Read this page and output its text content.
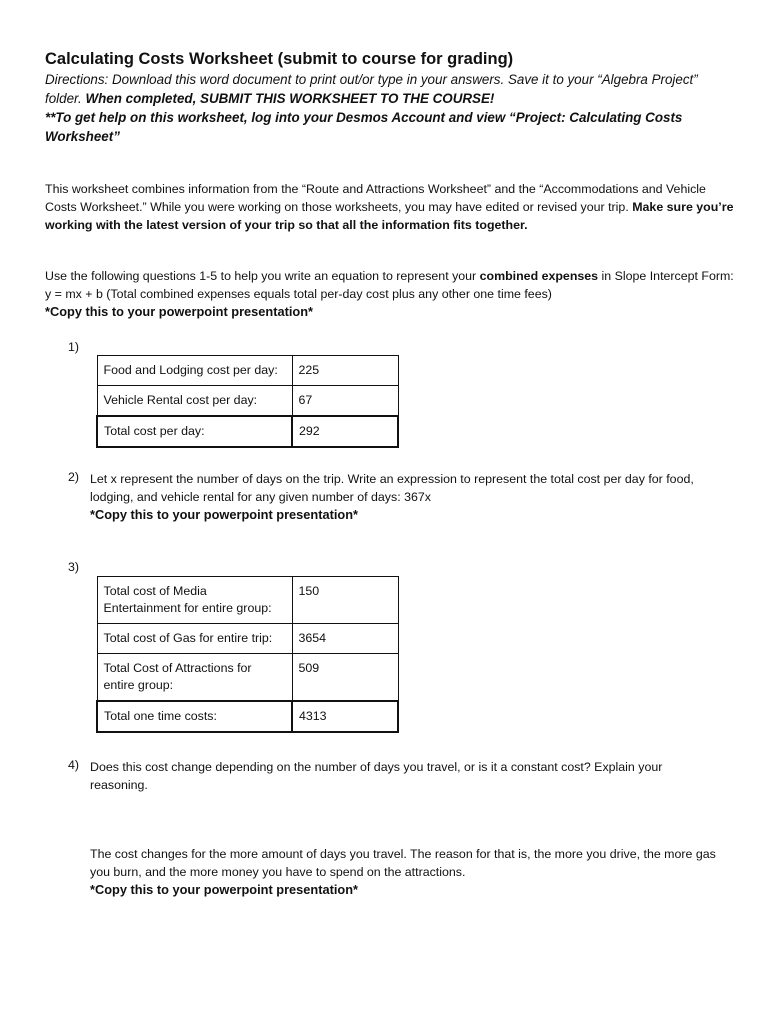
Calculating Costs Worksheet (submit to course for grading)

Directions: Download this word document to print out/or type in your answers. Save it to your “Algebra Project” folder. When completed, SUBMIT THIS WORKSHEET TO THE COURSE!

**To get help on this worksheet, log into your Desmos Account and view “Project: Calculating Costs Worksheet”

This worksheet combines information from the “Route and Attractions Worksheet” and the “Accommodations and Vehicle Costs Worksheet.” While you were working on those worksheets, you may have edited or revised your trip. Make sure you’re working with the latest version of your trip so that all the information fits together.

Use the following questions 1-5 to help you write an equation to represent your combined expenses in Slope Intercept Form: y = mx + b (Total combined expenses equals total per-day cost plus any other one time fees)

*Copy this to your powerpoint presentation*

1)
Food and Lodging cost per day:	225
Vehicle Rental cost per day:	67
Total cost per day:	292
2) Let x represent the number of days on the trip. Write an expression to represent the total cost per day for food, lodging, and vehicle rental for any given number of days: 367x
*Copy this to your powerpoint presentation*
3)
Total cost of Media Entertainment for entire group:	150
Total cost of Gas for entire trip:	3654
Total Cost of Attractions for entire group:	509
Total one time costs:	4313
4) Does this cost change depending on the number of days you travel, or is it a constant cost? Explain your reasoning.
The cost changes for the more amount of days you travel. The reason for that is, the more you drive, the more gas you burn, and the more money you have to spend on the attractions.
*Copy this to your powerpoint presentation*
